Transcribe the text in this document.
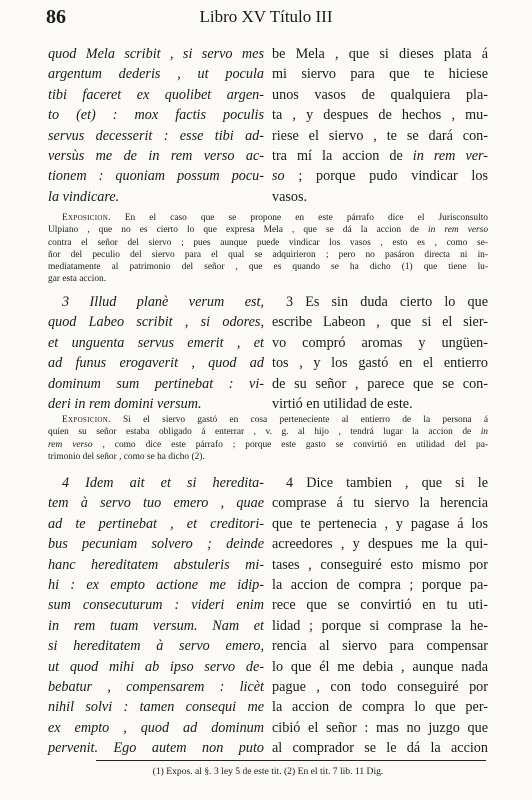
86	Libro XV Título III
quod Mela scribit , si servo mes
argentum dederis , ut pocula
tibi faceret ex quolibet argen-
to (et) : mox factis poculis
servus decesserit : esse tibi ad-
versùs me de in rem verso ac-
tionem : quoniam possum pocu-
la vindicare.
be Mela , que si dieses plata á
mi siervo para que te hiciese
unos vasos de qualquiera pla-
ta , y despues de hechos , mu-
riese el siervo , te se dará con-
tra mí la accion de in rem ver-
so ; porque pudo vindicar los
vasos.
Exposicion. En el caso que se propone en este párrafo dice el Jurisconsulto
Ulpiano , que no es cierto lo que expresa Mela , que se dá la accion de in rem verso
contra el señor del siervo ; pues aunque puede vindicar los vasos , esto es , como se-
ñor del peculio del siervo para el qual se adquirieron ; pero no pasáron directa ni in-
mediatamente al patrimonio del señor , que es quando se ha dicho (1) que tiene lu-
gar esta accion.
3 Illud planè verum est,
quod Labeo scribit , si odores,
et unguenta servus emerit , et
ad funus erogaverit , quod ad
dominum sum pertinebat : vi-
deri in rem domini versum.
3 Es sin duda cierto lo que
escribe Labeon , que si el sier-
vo compró aromas y ungüen-
tos , y los gastó en el entierro
de su señor , parece que se con-
virtió en utilidad de este.
Exposicion. Si el siervo gastó en cosa perteneciente al entierro de la persona á
quien su señor estaba obligado á enterrar , v. g. al hijo , tendrá lugar la accion de in
rem verso , como dice este párrafo ; porque este gasto se convirtió en utilidad del pa-
trimonio del señor , como se ha dicho (2).
4 Idem ait et si heredita-
tem à servo tuo emero , quae
ad te pertinebat , et creditori-
bus pecuniam solvero ; deinde
hanc hereditatem abstuleris mi-
hi : ex empto actione me idip-
sum consecuturum : videri enim
in rem tuam versum. Nam et
si hereditatem à servo emero,
ut quod mihi ab ipso servo de-
bebatur , compensarem : licèt
nihil solvi : tamen consequi me
ex empto , quod ad dominum
pervenit. Ego autem non puto
4 Dice tambien , que si le
comprase á tu siervo la herencia
que te pertenecia , y pagase á los
acreedores , y despues me la qui-
tases , conseguiré esto mismo por
la accion de compra ; porque pa-
rece que se convirtió en tu uti-
lidad ; porque si comprase la he-
rencia al siervo para compensar
lo que él me debia , aunque nada
pague , con todo conseguiré por
la accion de compra lo que per-
cibió el señor : mas no juzgo que
al comprador se le dá la accion
(1) Expos. al §. 3 ley 5 de este tit. (2) En el tit. 7 lib. 11 Dig.
